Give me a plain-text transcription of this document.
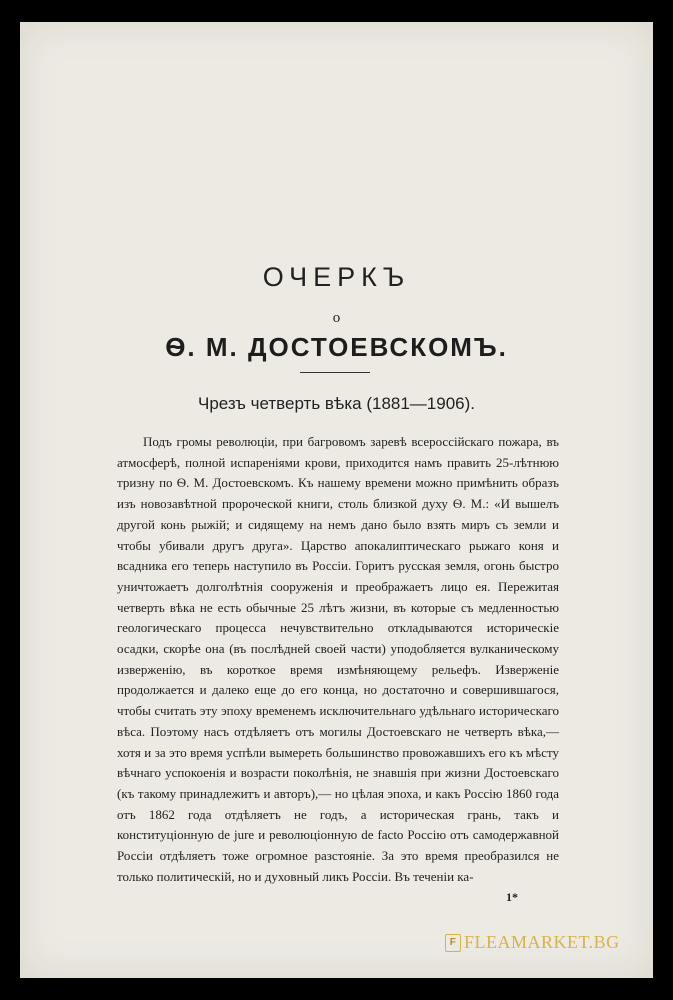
ОЧЕРКЪ
о
Ѳ. М. ДОСТОЕВСКОМЪ.
Чрезъ четверть вѣка (1881—1906).
Подъ громы революціи, при багровомъ заревѣ всероссійскаго пожара, въ атмосферѣ, полной испареніями крови, приходится намъ править 25-лѣтнюю тризну по Ѳ. М. Достоевскомъ. Къ нашему времени можно примѣнить образъ изъ новозавѣтной пророческой книги, столь близкой духу Ѳ. М.: «И вышелъ другой конь рыжій; и сидящему на немъ дано было взять миръ съ земли и чтобы убивали другъ друга». Царство апокалиптическаго рыжаго коня и всадника его теперь наступило въ Россіи. Горитъ русская земля, огонь быстро уничтожаетъ долголѣтнія сооруженія и преображаетъ лицо ея. Пережитая четверть вѣка не есть обычные 25 лѣтъ жизни, въ которые съ медленностью геологическаго процесса нечувствительно откладываются историческіе осадки, скорѣе она (въ послѣдней своей части) уподобляется вулканическому изверженію, въ короткое время измѣняющему рельефъ. Изверженіе продолжается и далеко еще до его конца, но достаточно и совершившагося, чтобы считать эту эпоху временемъ исключительнаго удѣльнаго историческаго вѣса. Поэтому насъ отдѣляетъ отъ могилы Достоевскаго не четверть вѣка,— хотя и за это время успѣли вымереть большинство провожавшихъ его къ мѣсту вѣчнаго успокоенія и возрасти поколѣнія, не знавшія при жизни Достоевскаго (къ такому принадлежитъ и авторъ),— но цѣлая эпоха, и какъ Россію 1860 года отъ 1862 года отдѣляетъ не годъ, а историческая грань, такъ и конституціонную de jure и революціонную de facto Россію отъ самодержавной Россіи отдѣляетъ тоже огромное разстояніе. За это время преобразился не только политическій, но и духовный ликъ Россіи. Въ теченіи ка-
1*
F FLEAMARKET.BG
